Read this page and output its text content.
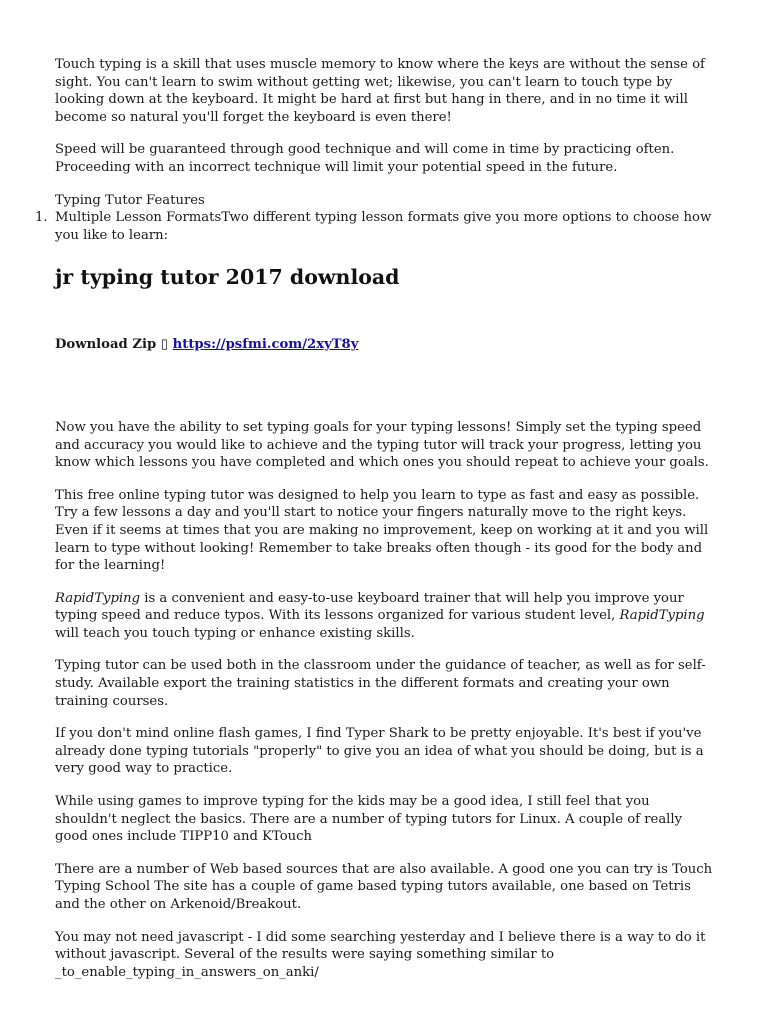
Touch typing is a skill that uses muscle memory to know where the keys are without the sense of sight. You can't learn to swim without getting wet; likewise, you can't learn to touch type by looking down at the keyboard. It might be hard at first but hang in there, and in no time it will become so natural you'll forget the keyboard is even there!

Speed will be guaranteed through good technique and will come in time by practicing often. Proceeding with an incorrect technique will limit your potential speed in the future.

Typing Tutor Features

1. Multiple Lesson FormatsTwo different typing lesson formats give you more options to choose how you like to learn:
jr typing tutor 2017 download

Download Zip ▯ https://psfmi.com/2xyT8y

Now you have the ability to set typing goals for your typing lessons! Simply set the typing speed and accuracy you would like to achieve and the typing tutor will track your progress, letting you know which lessons you have completed and which ones you should repeat to achieve your goals.

This free online typing tutor was designed to help you learn to type as fast and easy as possible. Try a few lessons a day and you'll start to notice your fingers naturally move to the right keys. Even if it seems at times that you are making no improvement, keep on working at it and you will learn to type without looking! Remember to take breaks often though - its good for the body and for the learning!

RapidTyping is a convenient and easy-to-use keyboard trainer that will help you improve your typing speed and reduce typos. With its lessons organized for various student level, RapidTyping will teach you touch typing or enhance existing skills.

Typing tutor can be used both in the classroom under the guidance of teacher, as well as for self-study. Available export the training statistics in the different formats and creating your own training courses.

If you don't mind online flash games, I find Typer Shark to be pretty enjoyable. It's best if you've already done typing tutorials "properly" to give you an idea of what you should be doing, but is a very good way to practice.

While using games to improve typing for the kids may be a good idea, I still feel that you shouldn't neglect the basics. There are a number of typing tutors for Linux. A couple of really good ones include TIPP10 and KTouch

There are a number of Web based sources that are also available. A good one you can try is Touch Typing School The site has a couple of game based typing tutors available, one based on Tetris and the other on Arkenoid/Breakout.

You may not need javascript - I did some searching yesterday and I believe there is a way to do it without javascript. Several of the results were saying something similar to _to_enable_typing_in_answers_on_anki/
